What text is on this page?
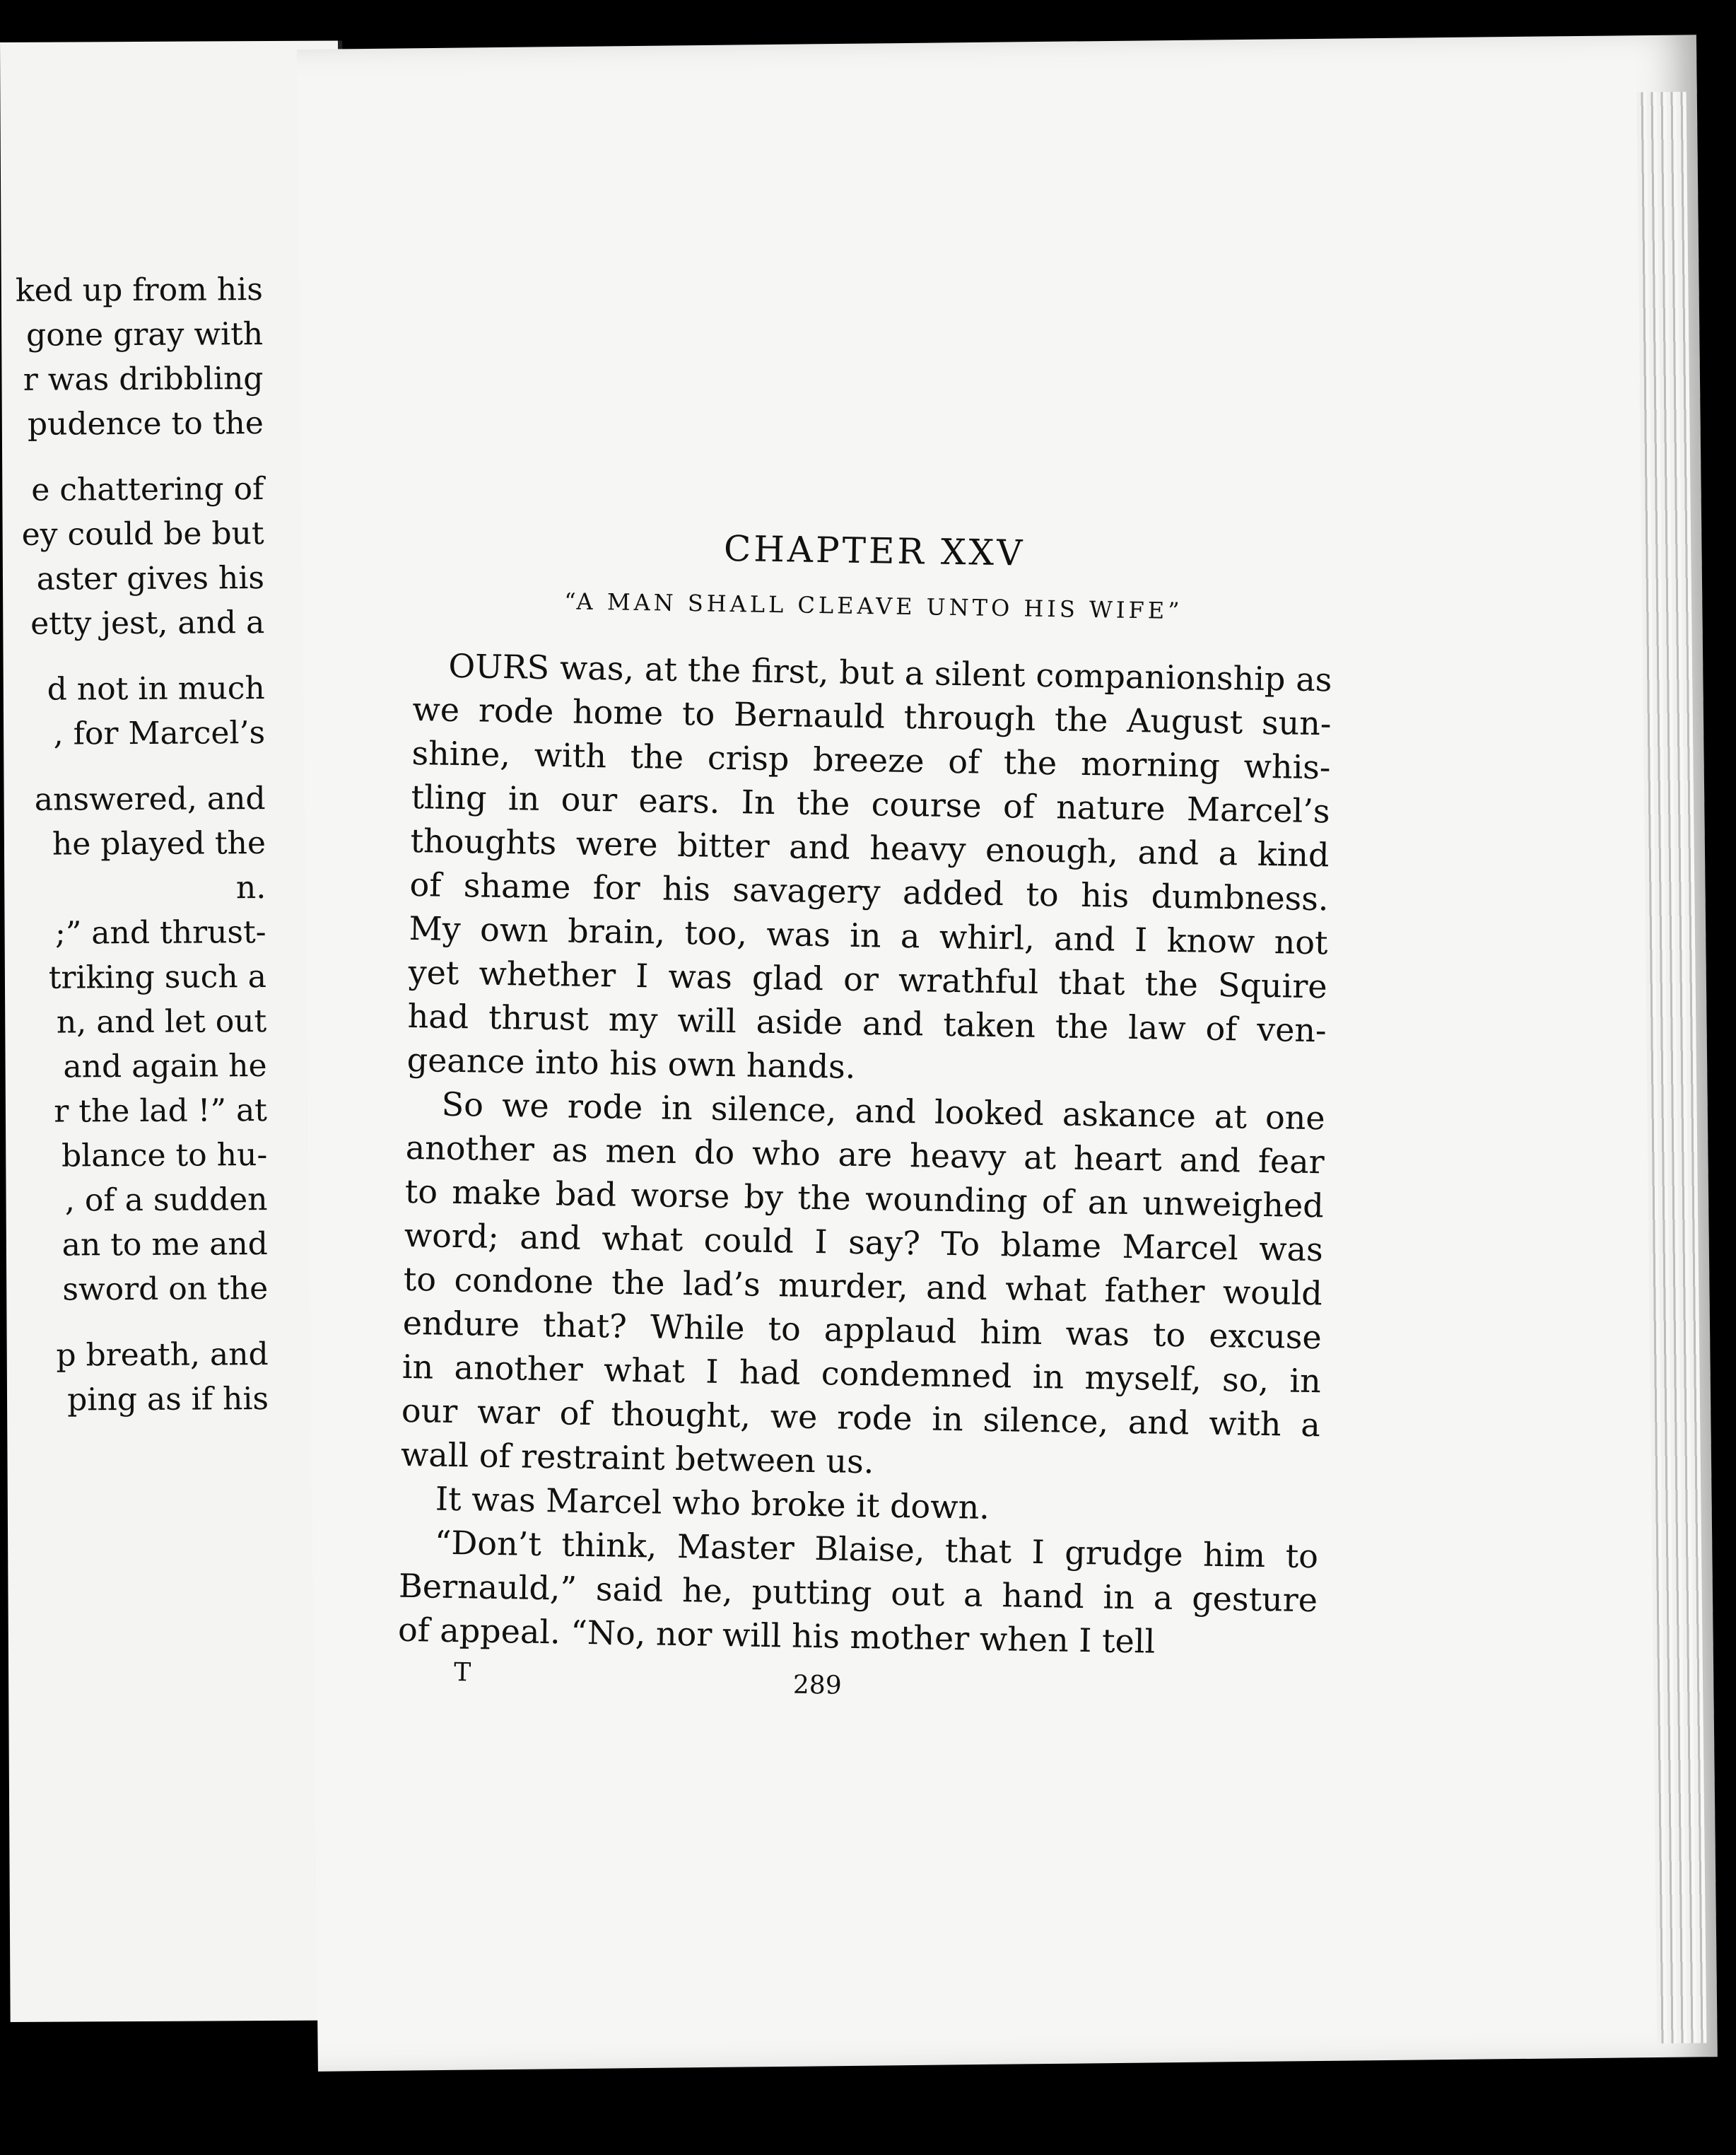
ked up from his
gone gray with
r was dribbling
pudence to the
e chattering of
ey could be but
aster gives his
etty jest, and a
d not in much
, for Marcel’s
answered, and
he played the
n.
;” and thrust-
triking such a
n, and let out
and again he
r the lad !” at
blance to hu-
, of a sudden
an to me and
sword on the
p breath, and
ping as if his
CHAPTER XXV
“A MAN SHALL CLEAVE UNTO HIS WIFE”

OURS was, at the first, but a silent companionship as
we rode home to Bernauld through the August sun-
shine, with the crisp breeze of the morning whis-
tling in our ears. In the course of nature Marcel’s
thoughts were bitter and heavy enough, and a kind
of shame for his savagery added to his dumbness.
My own brain, too, was in a whirl, and I know not
yet whether I was glad or wrathful that the Squire
had thrust my will aside and taken the law of ven-
geance into his own hands.

So we rode in silence, and looked askance at one
another as men do who are heavy at heart and fear
to make bad worse by the wounding of an unweighed
word; and what could I say? To blame Marcel was
to condone the lad’s murder, and what father would
endure that? While to applaud him was to excuse
in another what I had condemned in myself, so, in
our war of thought, we rode in silence, and with a
wall of restraint between us.

It was Marcel who broke it down.

“Don’t think, Master Blaise, that I grudge him to
Bernauld,” said he, putting out a hand in a gesture
of appeal. “No, nor will his mother when I tell

T	289
